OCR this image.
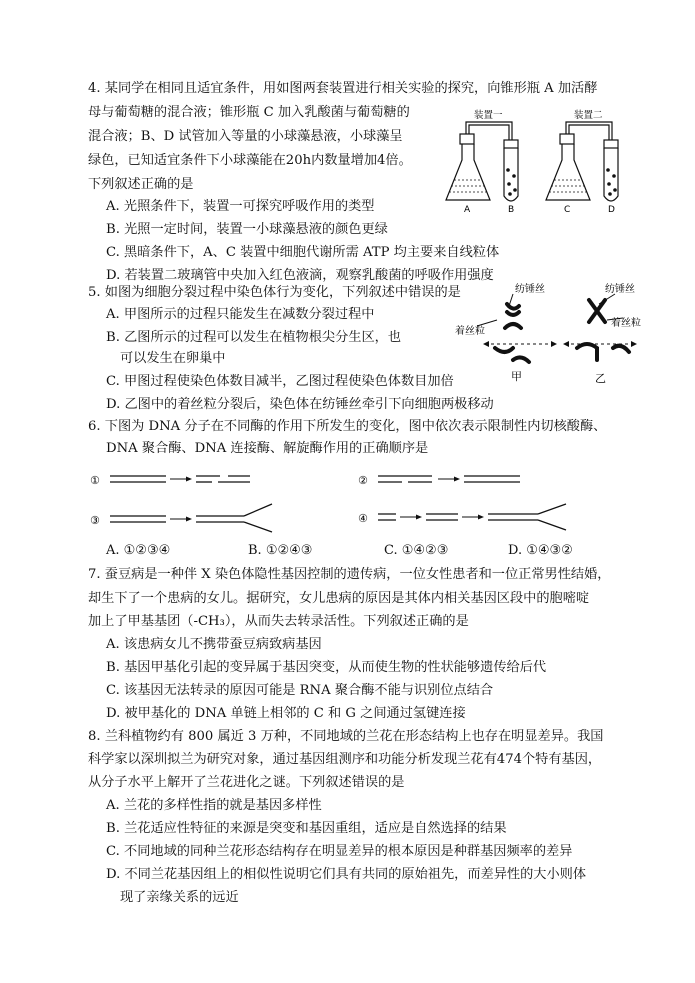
4. 某同学在相同且适宜条件，用如图两套装置进行相关实验的探究，向锥形瓶 A 加活酵
母与葡萄糖的混合液；锥形瓶 C 加入乳酸菌与葡萄糖的
混合液；B、D 试管加入等量的小球藻悬液，小球藻呈
绿色，已知适宜条件下小球藻能在20h内数量增加4倍。
下列叙述正确的是
A. 光照条件下，装置一可探究呼吸作用的类型
B. 光照一定时间，装置一小球藻悬液的颜色更绿
C. 黑暗条件下，A、C 装置中细胞代谢所需 ATP 均主要来自线粒体
D. 若装置二玻璃管中央加入红色液滴，观察乳酸菌的呼吸作用强度
装置一	装置二
A	B	C	D
5. 如图为细胞分裂过程中染色体行为变化，下列叙述中错误的是
A. 甲图所示的过程只能发生在减数分裂过程中
B. 乙图所示的过程可以发生在植物根尖分生区，也
可以发生在卵巢中
C. 甲图过程使染色体数目减半，乙图过程使染色体数目加倍
D. 乙图中的着丝粒分裂后，染色体在纺锤丝牵引下向细胞两极移动
纺锤丝	纺锤丝
着丝粒
着丝粒
甲	乙
6. 下图为 DNA 分子在不同酶的作用下所发生的变化，图中依次表示限制性内切核酸酶、
DNA 聚合酶、DNA 连接酶、解旋酶作用的正确顺序是
①	②
③	④
A. ①②③④	B. ①②④③	C. ①④②③	D. ①④③②
7. 蚕豆病是一种伴 X 染色体隐性基因控制的遗传病，一位女性患者和一位正常男性结婚，
却生下了一个患病的女儿。据研究，女儿患病的原因是其体内相关基因区段中的胞嘧啶
加上了甲基基团（-CH₃），从而失去转录活性。下列叙述正确的是
A. 该患病女儿不携带蚕豆病致病基因
B. 基因甲基化引起的变异属于基因突变，从而使生物的性状能够遗传给后代
C. 该基因无法转录的原因可能是 RNA 聚合酶不能与识别位点结合
D. 被甲基化的 DNA 单链上相邻的 C 和 G 之间通过氢键连接
8. 兰科植物约有 800 属近 3 万种，不同地域的兰花在形态结构上也存在明显差异。我国
科学家以深圳拟兰为研究对象，通过基因组测序和功能分析发现兰花有474个特有基因，
从分子水平上解开了兰花进化之谜。下列叙述错误的是
A. 兰花的多样性指的就是基因多样性
B. 兰花适应性特征的来源是突变和基因重组，适应是自然选择的结果
C. 不同地域的同种兰花形态结构存在明显差异的根本原因是种群基因频率的差异
D. 不同兰花基因组上的相似性说明它们具有共同的原始祖先，而差异性的大小则体
现了亲缘关系的远近
